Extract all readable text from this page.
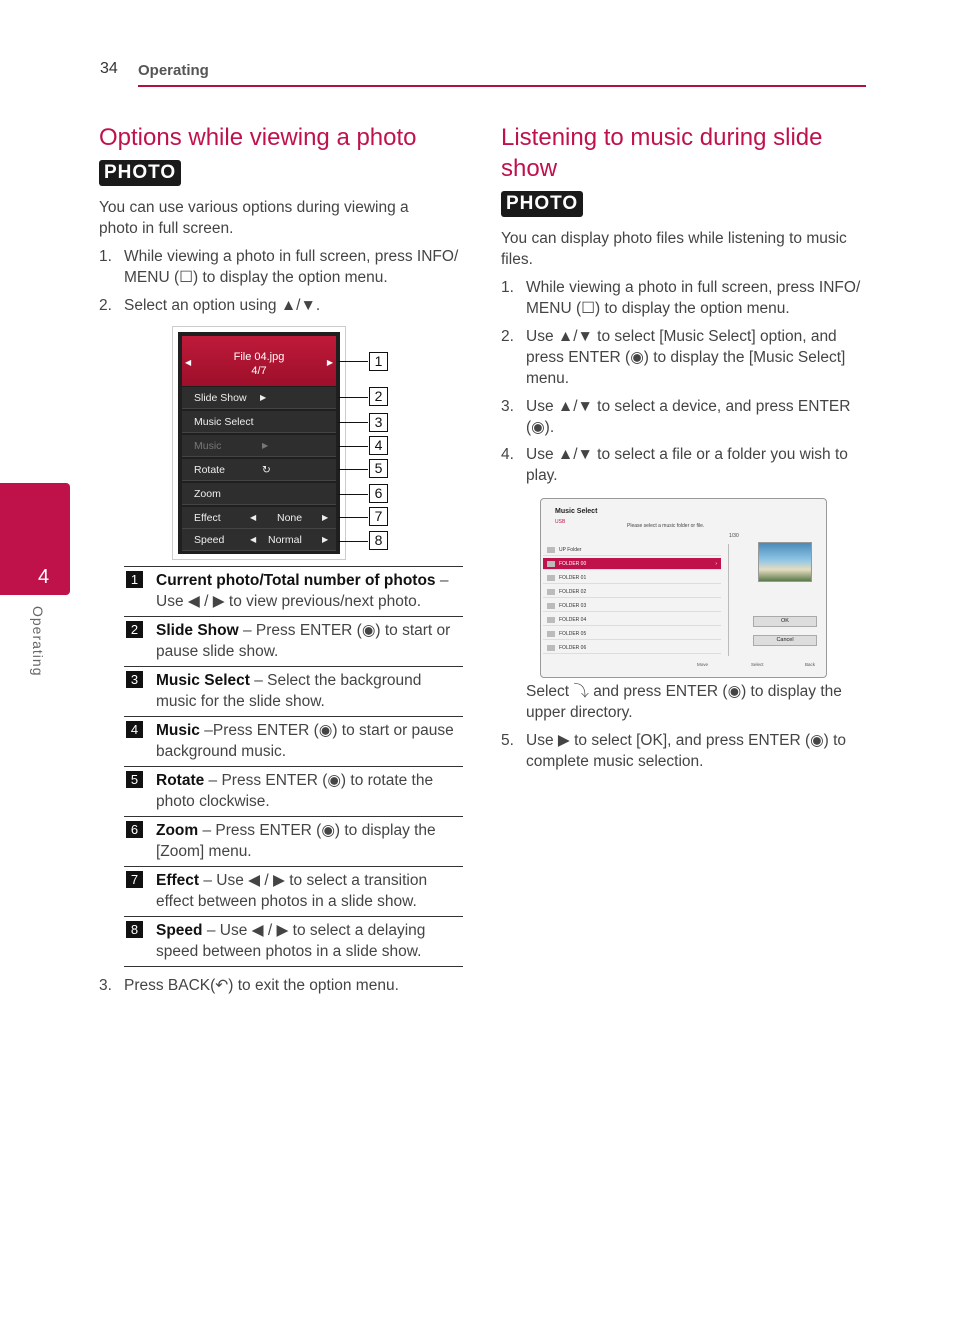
34 Operating
4
Operating
Options while viewing a photo
PHOTO
You can use various options during viewing a photo in full screen.
1. While viewing a photo in full screen, press INFO/ MENU (☐) to display the option menu.
2. Select an option using ▲/▼.
◀	File 04.jpg
4/7
▶
Slide Show ▶
Music Select
Music	▶
Rotate	↻
Zoom
Effect	◀ None ▶
Speed	◀ Normal	▶
1
2
3
4
5
6
7
8
1	Current photo/Total number of photos – Use ◀ / ▶ to view previous/next photo.
2	Slide Show – Press ENTER (◉) to start or pause slide show.
3	Music Select – Select the background music for the slide show.
4	Music –Press ENTER (◉) to start or pause background music.
5	Rotate – Press ENTER (◉) to rotate the photo clockwise.
6	Zoom – Press ENTER (◉) to display the [Zoom] menu.
7	Effect – Use ◀ / ▶ to select a transition effect between photos in a slide show.
8	Speed – Use ◀ / ▶ to select a delaying speed between photos in a slide show.
3. Press BACK(↶) to exit the option menu.
Listening to music during slide show
PHOTO
You can display photo files while listening to music files.
1. While viewing a photo in full screen, press INFO/ MENU (☐) to display the option menu.
2. Use ▲/▼ to select [Music Select] option, and press ENTER (◉) to display the [Music Select] menu.
3. Use ▲/▼ to select a device, and press ENTER (◉).
4. Use ▲/▼ to select a file or a folder you wish to play.
Music Select
USB
Please select a music folder or file.
1/30
UP Folder
FOLDER 00	›
FOLDER 01
FOLDER 02
FOLDER 03
FOLDER 04
FOLDER 05
FOLDER 06
OK
Cancel
Move	Select	Back
Select ⤵ and press ENTER (◉) to display the upper directory.
5. Use ▶ to select [OK], and press ENTER (◉) to complete music selection.
